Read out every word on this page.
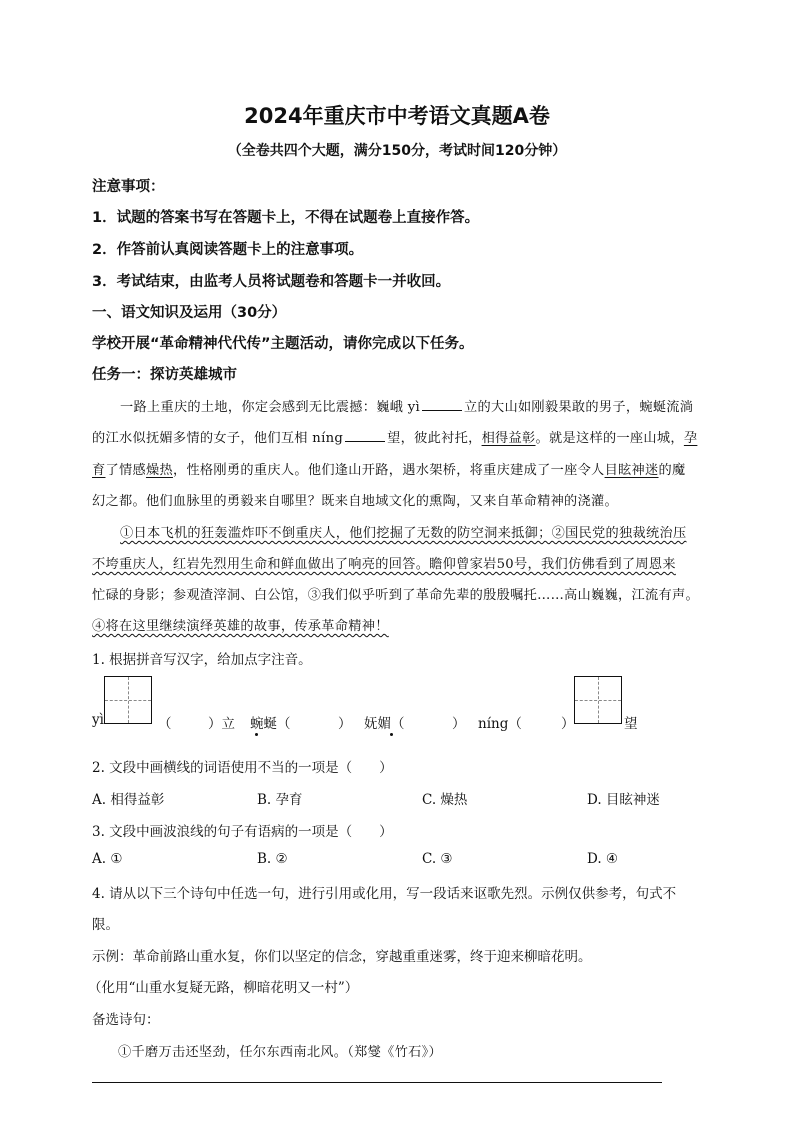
2024年重庆市中考语文真题A卷
（全卷共四个大题，满分150分，考试时间120分钟）
注意事项：
1．试题的答案书写在答题卡上，不得在试题卷上直接作答。
2．作答前认真阅读答题卡上的注意事项。
3．考试结束，由监考人员将试题卷和答题卡一并收回。
一、语文知识及运用（30分）
学校开展“革命精神代代传”主题活动，请你完成以下任务。
任务一：探访英雄城市
一路上重庆的土地，你定会感到无比震撼：巍峨 yì	立的大山如刚毅果敢的男子，蜿蜒流淌
的江水似抚媚多情的女子，他们互相 níng	望，彼此衬托，相得益彰。就是这样的一座山城，孕
育了情感燥热，性格刚勇的重庆人。他们逢山开路，遇水架桥，将重庆建成了一座令人目眩神迷的魔
幻之都。他们血脉里的勇毅来自哪里？既来自地域文化的熏陶，又来自革命精神的浇灌。
①日本飞机的狂轰滥炸吓不倒重庆人，他们挖掘了无数的防空洞来抵御；②国民党的独裁统治压
不垮重庆人，红岩先烈用生命和鲜血做出了响亮的回答。瞻仰曾家岩50号，我们仿佛看到了周恩来
忙碌的身影；参观渣滓洞、白公馆，③我们似乎听到了革命先辈的殷殷嘱托……高山巍巍，江流有声。
④将在这里继续演绎英雄的故事，传承革命精神！
1. 根据拼音写汉字，给加点字注音。
yì	（	）立 蜿蜒（	） 妩媚（	） níng（	）	望
2. 文段中画横线的词语使用不当的一项是（　　）
A. 相得益彰	B. 孕育	C. 燥热	D. 目眩神迷
3. 文段中画波浪线的句子有语病的一项是（　　）
A. ①	B. ②	C. ③	D. ④
4. 请从以下三个诗句中任选一句，进行引用或化用，写一段话来讴歌先烈。示例仅供参考，句式不
限。
示例：革命前路山重水复，你们以坚定的信念，穿越重重迷雾，终于迎来柳暗花明。
（化用“山重水复疑无路，柳暗花明又一村”）
备选诗句：
①千磨万击还坚劲，任尔东西南北风。（郑燮《竹石》）
